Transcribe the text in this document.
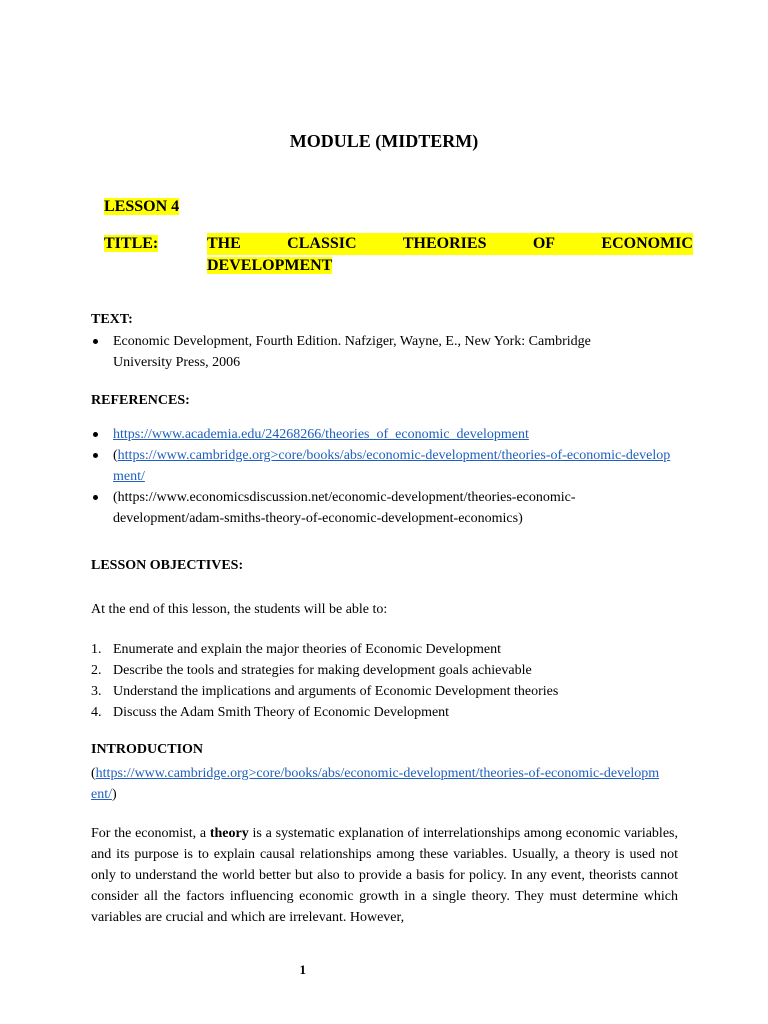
MODULE (MIDTERM)
LESSON 4
TITLE:	THE	CLASSIC	THEORIES	OF	ECONOMIC
DEVELOPMENT
TEXT:
Economic Development, Fourth Edition. Nafziger, Wayne, E., New York: Cambridge University Press, 2006
REFERENCES:
https://www.academia.edu/24268266/theories_of_economic_development
(https://www.cambridge.org>core/books/abs/economic-development/theories-of-economic-development/
(https://www.economicsdiscussion.net/economic-development/theories-economic-development/adam-smiths-theory-of-economic-development-economics)
LESSON OBJECTIVES:
At the end of this lesson, the students will be able to:
1. Enumerate and explain the major theories of Economic Development
2. Describe the tools and strategies for making development goals achievable
3. Understand the implications and arguments of Economic Development theories
4. Discuss the Adam Smith Theory of Economic Development
INTRODUCTION
(https://www.cambridge.org>core/books/abs/economic-development/theories-of-economic-development/)
For the economist, a theory is a systematic explanation of interrelationships among economic variables, and its purpose is to explain causal relationships among these variables. Usually, a theory is used not only to understand the world better but also to provide a basis for policy. In any event, theorists cannot consider all the factors influencing economic growth in a single theory. They must determine which variables are crucial and which are irrelevant. However,
1
